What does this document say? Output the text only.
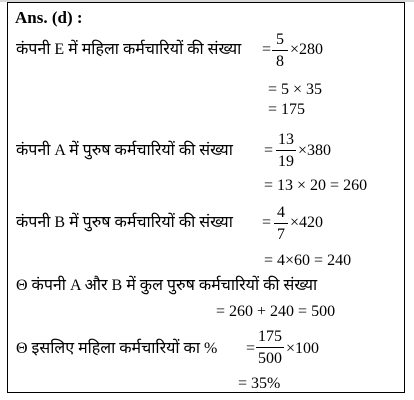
Ans. (d) :
कंपनी E में महिला कर्मचारियों की संख्या =
5
8
×280
= 5 × 35
= 175
कंपनी A में पुरुष कर्मचारियों की संख्या =
13
19
×380
= 13 × 20 = 260
कंपनी B में पुरुष कर्मचारियों की संख्या =
4
7
×420
= 4×60 = 240
Θ कंपनी A और B में कुल पुरुष कर्मचारियों की संख्या
= 260 + 240 = 500
Θ इसलिए महिला कर्मचारियों का % =
175
500
×100
= 35%
